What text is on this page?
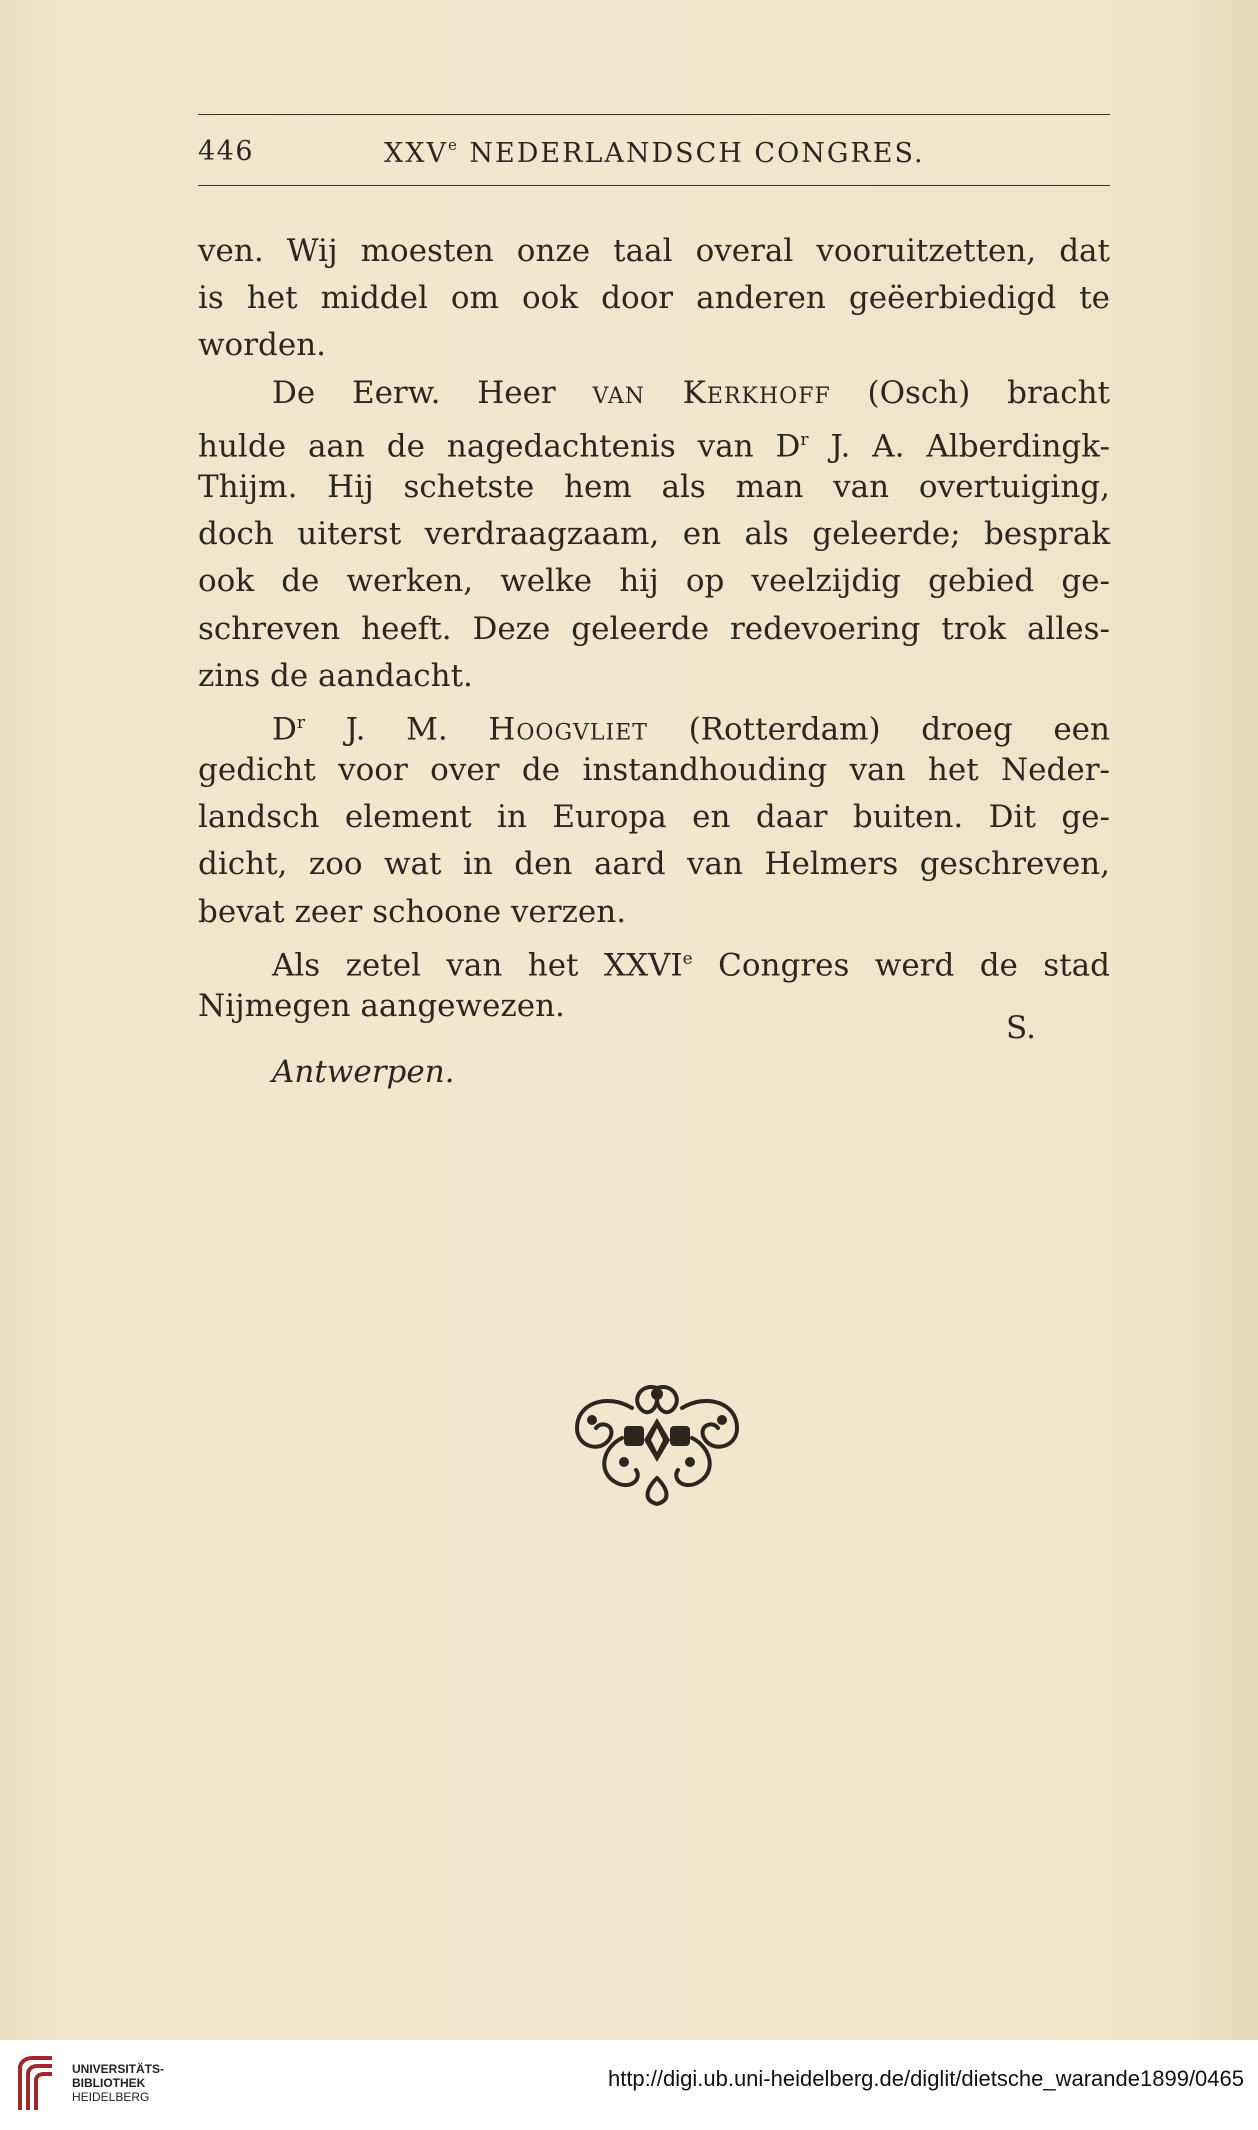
446	XXVe NEDERLANDSCH CONGRES.
ven. Wij moesten onze taal overal vooruitzetten, dat
is het middel om ook door anderen geëerbiedigd te
worden.
De Eerw. Heer van Kerkhoff (Osch) bracht
hulde aan de nagedachtenis van $D^r$ J. A. Alberdingk-
Thijm. Hij schetste hem als man van overtuiging,
doch uiterst verdraagzaam, en als geleerde; besprak
ook de werken, welke hij op veelzijdig gebied ge-
schreven heeft. Deze geleerde redevoering trok alles-
zins de aandacht.
$D^r$ J. M. Hoogvliet (Rotterdam) droeg een
gedicht voor over de instandhouding van het Neder-
landsch element in Europa en daar buiten. Dit ge-
dicht, zoo wat in den aard van Helmers geschreven,
bevat zeer schoone verzen.
Als zetel van het XXVIe Congres werd de stad
Nijmegen aangewezen.
S.
Antwerpen.
UNIVERSITÄTS-
BIBLIOTHEK
HEIDELBERG
http://digi.ub.uni-heidelberg.de/diglit/dietsche_warande1899/0465
